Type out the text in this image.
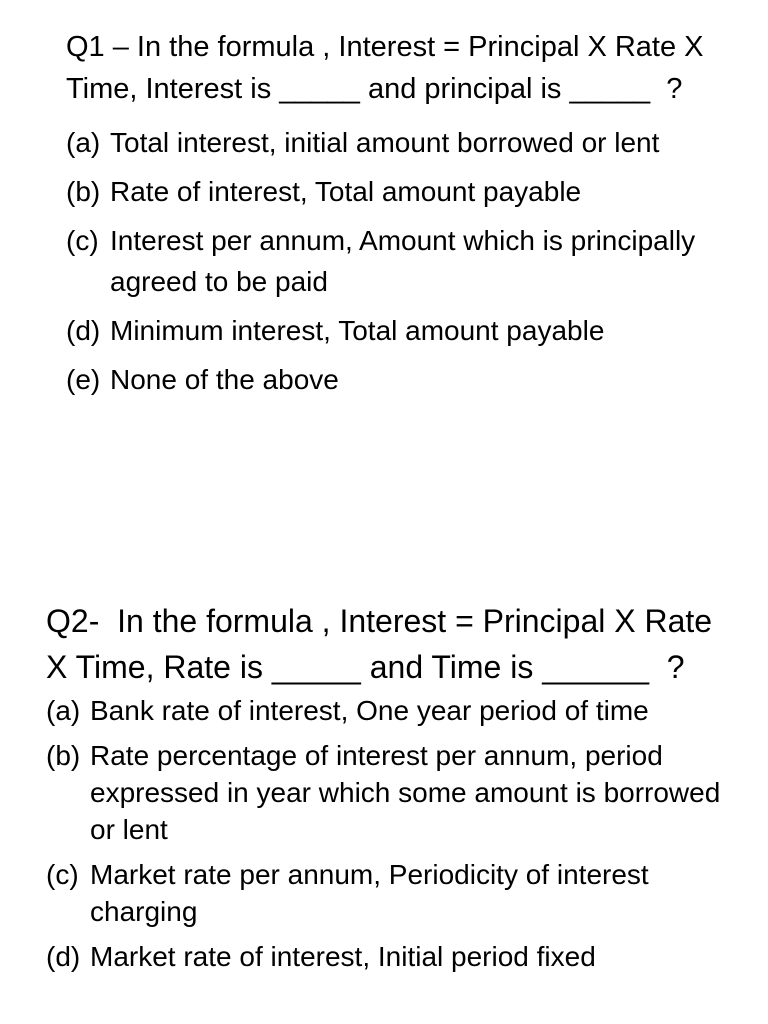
Q1 – In the formula , Interest = Principal X Rate X Time, Interest is _____ and principal is _____  ?

(a) Total interest, initial amount borrowed or lent
(b) Rate of interest, Total amount payable
(c) Interest per annum, Amount which is principally agreed to be paid
(d) Minimum interest, Total amount payable
(e) None of the above

Q2-  In the formula , Interest = Principal X Rate X Time, Rate is _____ and Time is ______  ?

(a) Bank rate of interest, One year period of time
(b) Rate percentage of interest per annum, period expressed in year which some amount is borrowed or lent
(c) Market rate per annum, Periodicity of interest charging
(d) Market rate of interest, Initial period fixed
